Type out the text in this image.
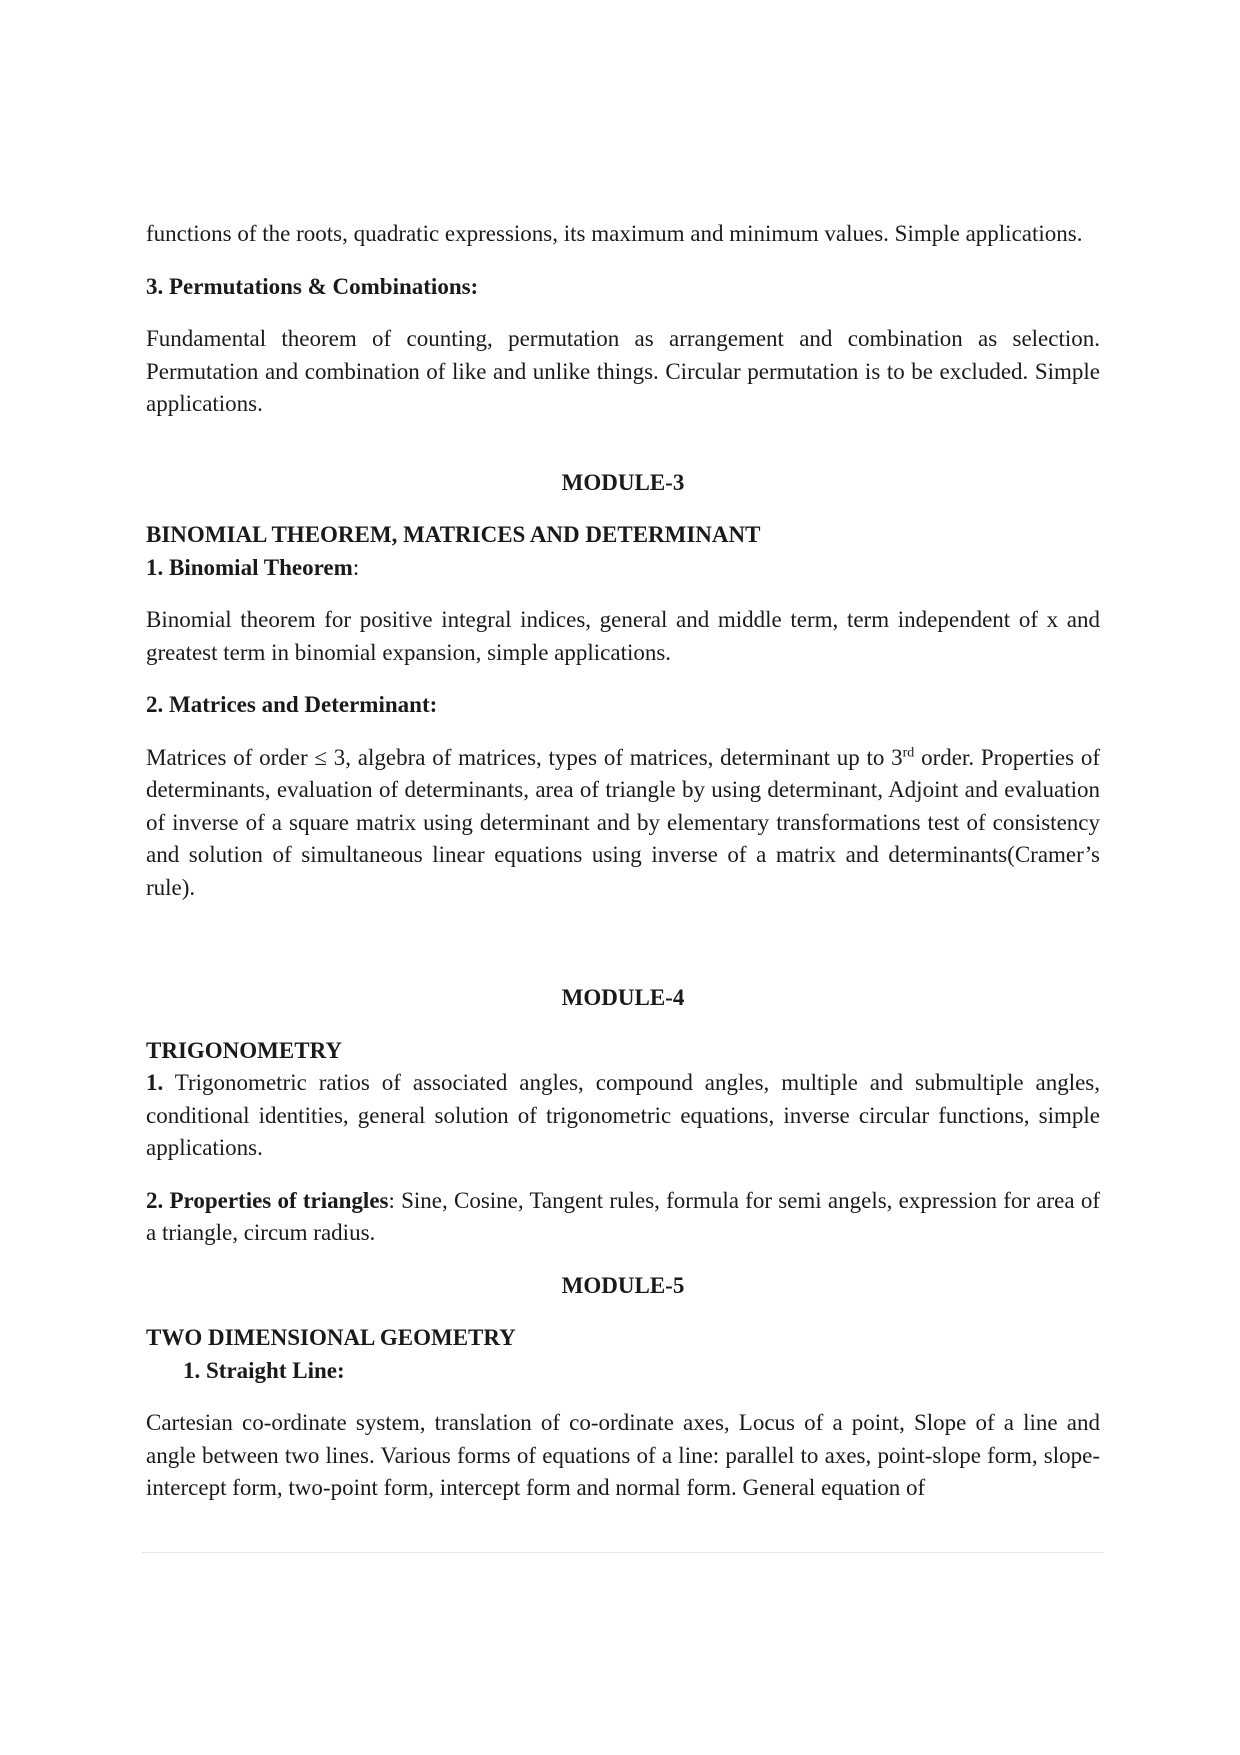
functions of the roots, quadratic expressions, its maximum and minimum values. Simple applications.

3. Permutations & Combinations:

Fundamental theorem of counting, permutation as arrangement and combination as selection. Permutation and combination of like and unlike things. Circular permutation is to be excluded. Simple applications.

MODULE-3

BINOMIAL THEOREM, MATRICES AND DETERMINANT

1. Binomial Theorem:

Binomial theorem for positive integral indices, general and middle term, term independent of x and greatest term in binomial expansion, simple applications.

2. Matrices and Determinant:

Matrices of order ≤ 3, algebra of matrices, types of matrices, determinant up to 3rd order. Properties of determinants, evaluation of determinants, area of triangle by using determinant, Adjoint and evaluation of inverse of a square matrix using determinant and by elementary transformations test of consistency and solution of simultaneous linear equations using inverse of a matrix and determinants(Cramer’s rule).

MODULE-4

TRIGONOMETRY

1. Trigonometric ratios of associated angles, compound angles, multiple and submultiple angles, conditional identities, general solution of trigonometric equations, inverse circular functions, simple applications.

2. Properties of triangles: Sine, Cosine, Tangent rules, formula for semi angels, expression for area of a triangle, circum radius.

MODULE-5

TWO DIMENSIONAL GEOMETRY

1. Straight Line:

Cartesian co-ordinate system, translation of co-ordinate axes, Locus of a point, Slope of a line and angle between two lines. Various forms of equations of a line: parallel to axes, point-slope form, slope-intercept form, two-point form, intercept form and normal form. General equation of
